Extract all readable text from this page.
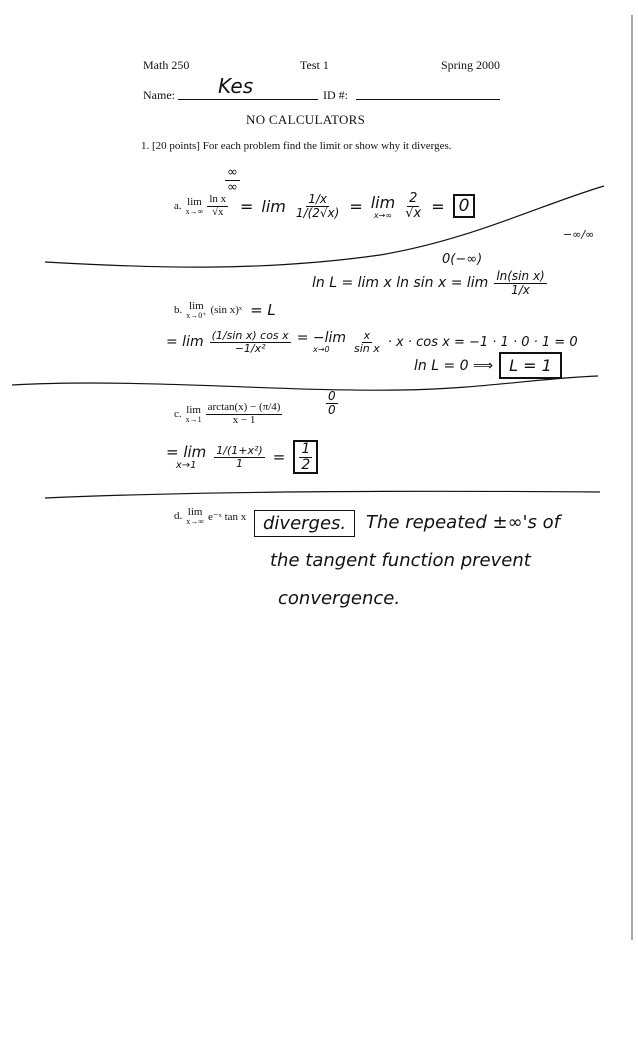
Math 250	Test 1	Spring 2000
Name: Kes	ID #:
NO CALCULATORS
1. [20 points] For each problem find the limit or show why it diverges.
$\frac{\infty}{\infty}$
a. lim
$x\to\infty \frac{\text{ln x}}{√x} = \lim \frac{1/x}{1/(2√x)} = \lim$
$x\to\infty \frac{2}{√x} = 0$
0(−∞)
−∞/∞
b. lim
x→0⁺ (sin x)ˣ = L
ln L = lim x $\ln \sin x = \lim \frac{\text{ln(sin x)}}{1/x}$
= $\lim \frac{\text{(1/sin x) cos x}}{\text{−1/x²}} = -\lim$
$x\to 0 \frac{x}{\text{sin x}} \cdot x \cdot \cos x = -1 \cdot 1 \cdot 0 \cdot 1 = 0$
ln L = 0 ⟹	L = 1
$\frac{0}{0}$
c. lim
$x\to 1 \frac{\arctan(x) - (\pi/4)}{x - 1}$
= lim
$x\to 1 \frac{\text{1/(1+x²)}}{1} = \frac{1}{2}$
d. lim
x→∞ e⁻ˣ tan x diverges.	The repeated ±∞'s of
the tangent function prevent
convergence.
